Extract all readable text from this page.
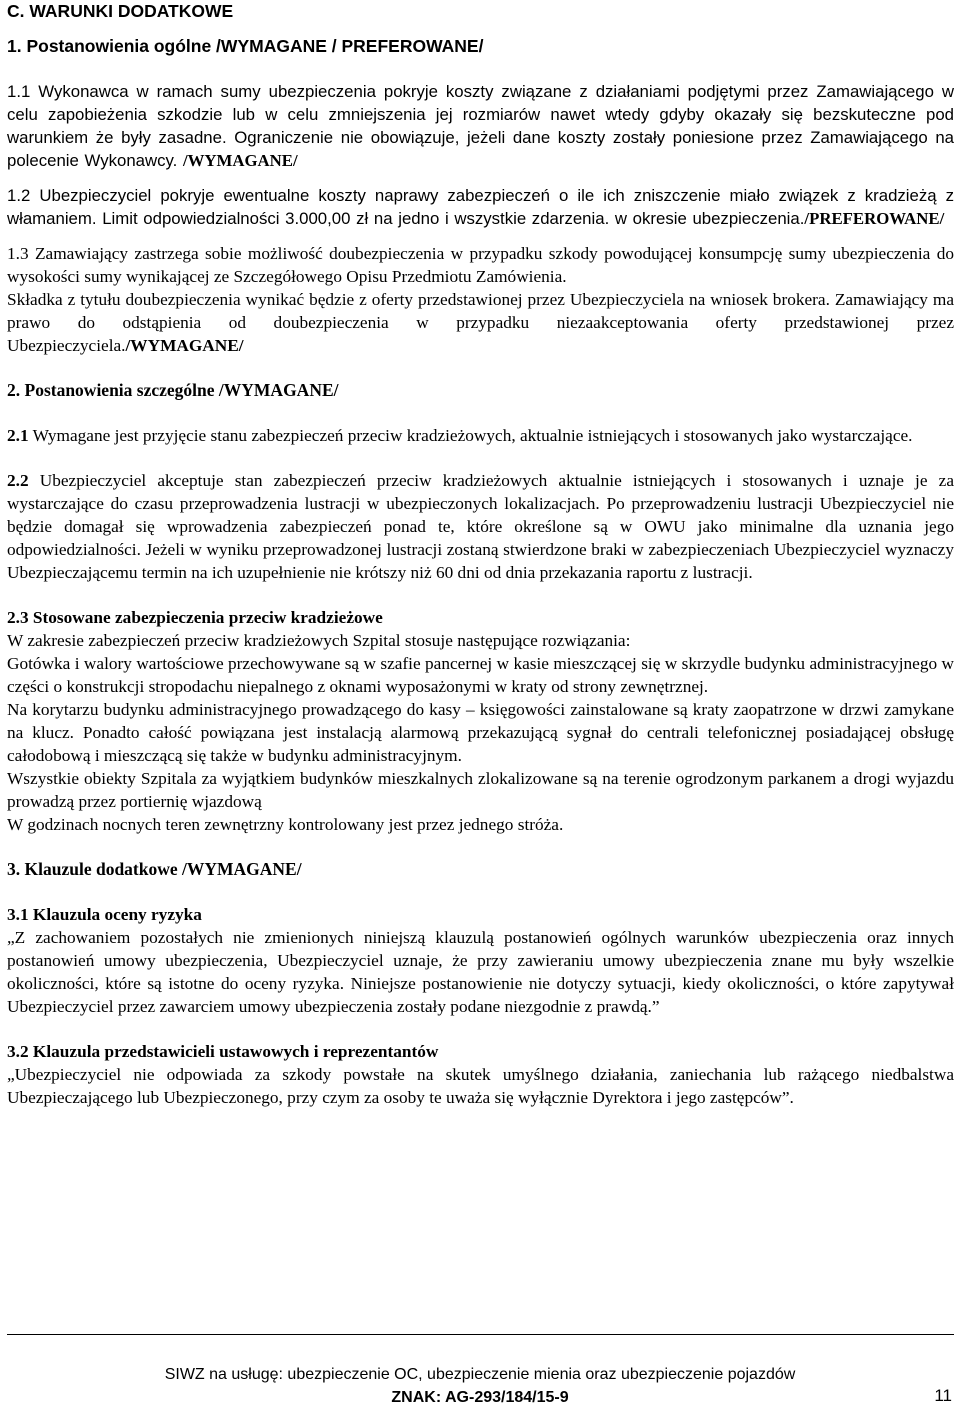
C. WARUNKI DODATKOWE

1. Postanowienia ogólne /WYMAGANE / PREFEROWANE/

1.1 Wykonawca w ramach sumy ubezpieczenia pokryje koszty związane z działaniami podjętymi przez Zamawiającego w celu zapobieżenia szkodzie lub w celu zmniejszenia jej rozmiarów nawet wtedy gdyby okazały się bezskuteczne pod warunkiem że były zasadne. Ograniczenie nie obowiązuje, jeżeli dane koszty zostały poniesione przez Zamawiającego na polecenie Wykonawcy. /WYMAGANE/

1.2 Ubezpieczyciel pokryje ewentualne koszty naprawy zabezpieczeń o ile ich zniszczenie miało związek z kradzieżą z włamaniem. Limit odpowiedzialności 3.000,00 zł na jedno i wszystkie zdarzenia. w okresie ubezpieczenia./PREFEROWANE/

1.3 Zamawiający zastrzega sobie możliwość doubezpieczenia w przypadku szkody powodującej konsumpcję sumy ubezpieczenia do wysokości sumy wynikającej ze Szczegółowego Opisu Przedmiotu Zamówienia.

Składka z tytułu doubezpieczenia wynikać będzie z oferty przedstawionej przez Ubezpieczyciela na wniosek brokera. Zamawiający ma prawo do odstąpienia od doubezpieczenia w przypadku niezaakceptowania oferty przedstawionej przez Ubezpieczyciela./WYMAGANE/

2. Postanowienia szczególne /WYMAGANE/

2.1 Wymagane jest przyjęcie stanu zabezpieczeń przeciw kradzieżowych, aktualnie istniejących i stosowanych jako wystarczające.

2.2 Ubezpieczyciel akceptuje stan zabezpieczeń przeciw kradzieżowych aktualnie istniejących i stosowanych i uznaje je za wystarczające do czasu przeprowadzenia lustracji w ubezpieczonych lokalizacjach. Po przeprowadzeniu lustracji Ubezpieczyciel nie będzie domagał się wprowadzenia zabezpieczeń ponad te, które określone są w OWU jako minimalne dla uznania jego odpowiedzialności. Jeżeli w wyniku przeprowadzonej lustracji zostaną stwierdzone braki w zabezpieczeniach Ubezpieczyciel wyznaczy Ubezpieczającemu termin na ich uzupełnienie nie krótszy niż 60 dni od dnia przekazania raportu z lustracji.

2.3 Stosowane zabezpieczenia przeciw kradzieżowe

W zakresie zabezpieczeń przeciw kradzieżowych Szpital stosuje następujące rozwiązania:

Gotówka i walory wartościowe przechowywane są w szafie pancernej w kasie mieszczącej się w skrzydle budynku administracyjnego w części o konstrukcji stropodachu niepalnego z oknami wyposażonymi w kraty od strony zewnętrznej.

Na korytarzu budynku administracyjnego prowadzącego do kasy – księgowości zainstalowane są kraty zaopatrzone w drzwi zamykane na klucz. Ponadto całość powiązana jest instalacją alarmową przekazującą sygnał do centrali telefonicznej posiadającej obsługę całodobową i mieszczącą się także w budynku administracyjnym.

Wszystkie obiekty Szpitala za wyjątkiem budynków mieszkalnych zlokalizowane są na terenie ogrodzonym parkanem a drogi wyjazdu prowadzą przez portiernię wjazdową

W godzinach nocnych teren zewnętrzny kontrolowany jest przez jednego stróża.

3. Klauzule dodatkowe /WYMAGANE/

3.1 Klauzula oceny ryzyka

„Z zachowaniem pozostałych nie zmienionych niniejszą klauzulą postanowień ogólnych warunków ubezpieczenia oraz innych postanowień umowy ubezpieczenia, Ubezpieczyciel uznaje, że przy zawieraniu umowy ubezpieczenia znane mu były wszelkie okoliczności, które są istotne do oceny ryzyka. Niniejsze postanowienie nie dotyczy sytuacji, kiedy okoliczności, o które zapytywał Ubezpieczyciel przez zawarciem umowy ubezpieczenia zostały podane niezgodnie z prawdą.”

3.2 Klauzula przedstawicieli ustawowych i reprezentantów

„Ubezpieczyciel nie odpowiada za szkody powstałe na skutek umyślnego działania, zaniechania lub rażącego niedbalstwa Ubezpieczającego lub Ubezpieczonego, przy czym za osoby te uważa się wyłącznie Dyrektora i jego zastępców”.

SIWZ na usługę: ubezpieczenie OC, ubezpieczenie mienia oraz ubezpieczenie pojazdów
ZNAK: AG-293/184/15-9	11
